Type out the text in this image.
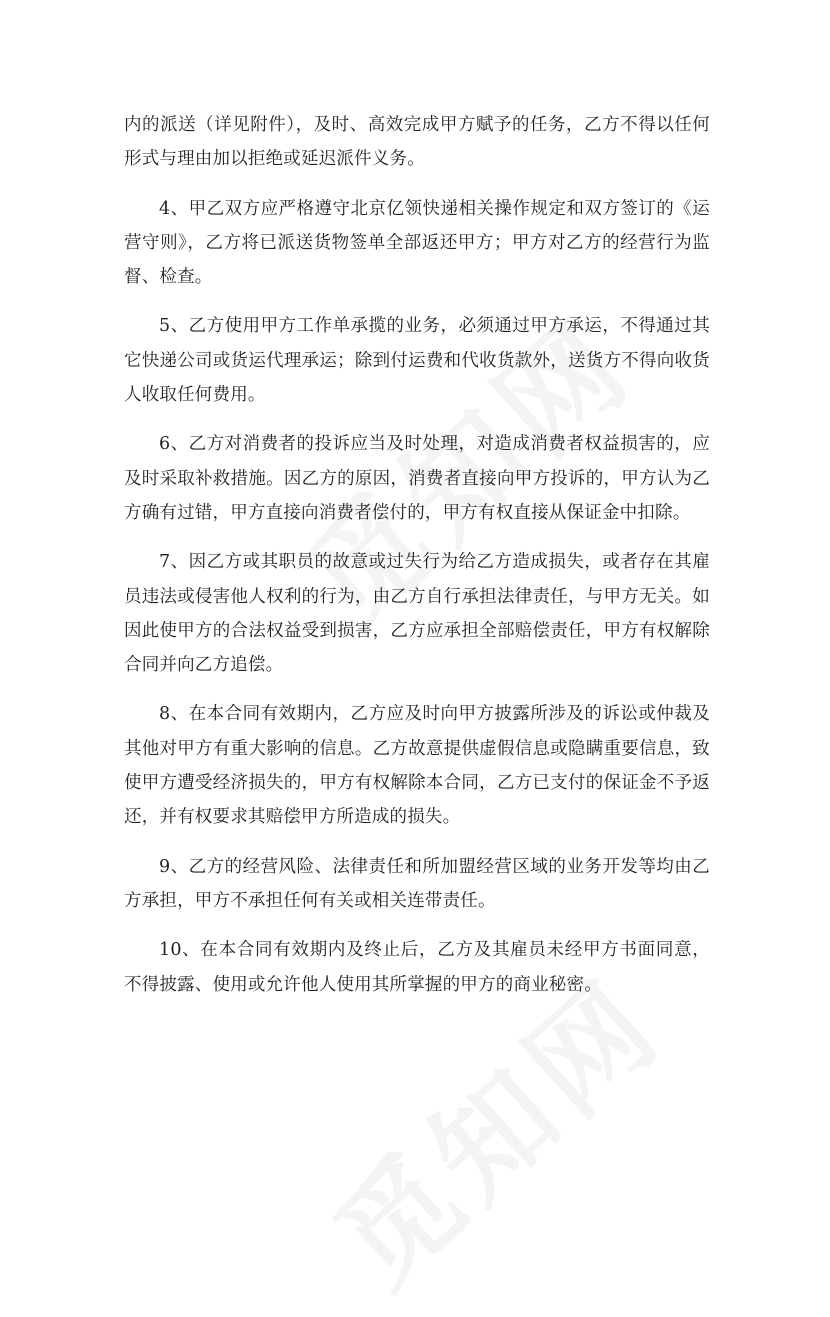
内的派送（详见附件），及时、高效完成甲方赋予的任务，乙方不得以任何形式与理由加以拒绝或延迟派件义务。

4、甲乙双方应严格遵守北京亿领快递相关操作规定和双方签订的《运营守则》，乙方将已派送货物签单全部返还甲方；甲方对乙方的经营行为监督、检查。

5、乙方使用甲方工作单承揽的业务，必须通过甲方承运，不得通过其它快递公司或货运代理承运；除到付运费和代收货款外，送货方不得向收货人收取任何费用。

6、乙方对消费者的投诉应当及时处理，对造成消费者权益损害的，应及时采取补救措施。因乙方的原因，消费者直接向甲方投诉的，甲方认为乙方确有过错，甲方直接向消费者偿付的，甲方有权直接从保证金中扣除。

7、因乙方或其职员的故意或过失行为给乙方造成损失，或者存在其雇员违法或侵害他人权利的行为，由乙方自行承担法律责任，与甲方无关。如因此使甲方的合法权益受到损害，乙方应承担全部赔偿责任，甲方有权解除合同并向乙方追偿。

8、在本合同有效期内，乙方应及时向甲方披露所涉及的诉讼或仲裁及其他对甲方有重大影响的信息。乙方故意提供虚假信息或隐瞒重要信息，致使甲方遭受经济损失的，甲方有权解除本合同，乙方已支付的保证金不予返还，并有权要求其赔偿甲方所造成的损失。

9、乙方的经营风险、法律责任和所加盟经营区域的业务开发等均由乙方承担，甲方不承担任何有关或相关连带责任。

10、在本合同有效期内及终止后，乙方及其雇员未经甲方书面同意，不得披露、使用或允许他人使用其所掌握的甲方的商业秘密。
